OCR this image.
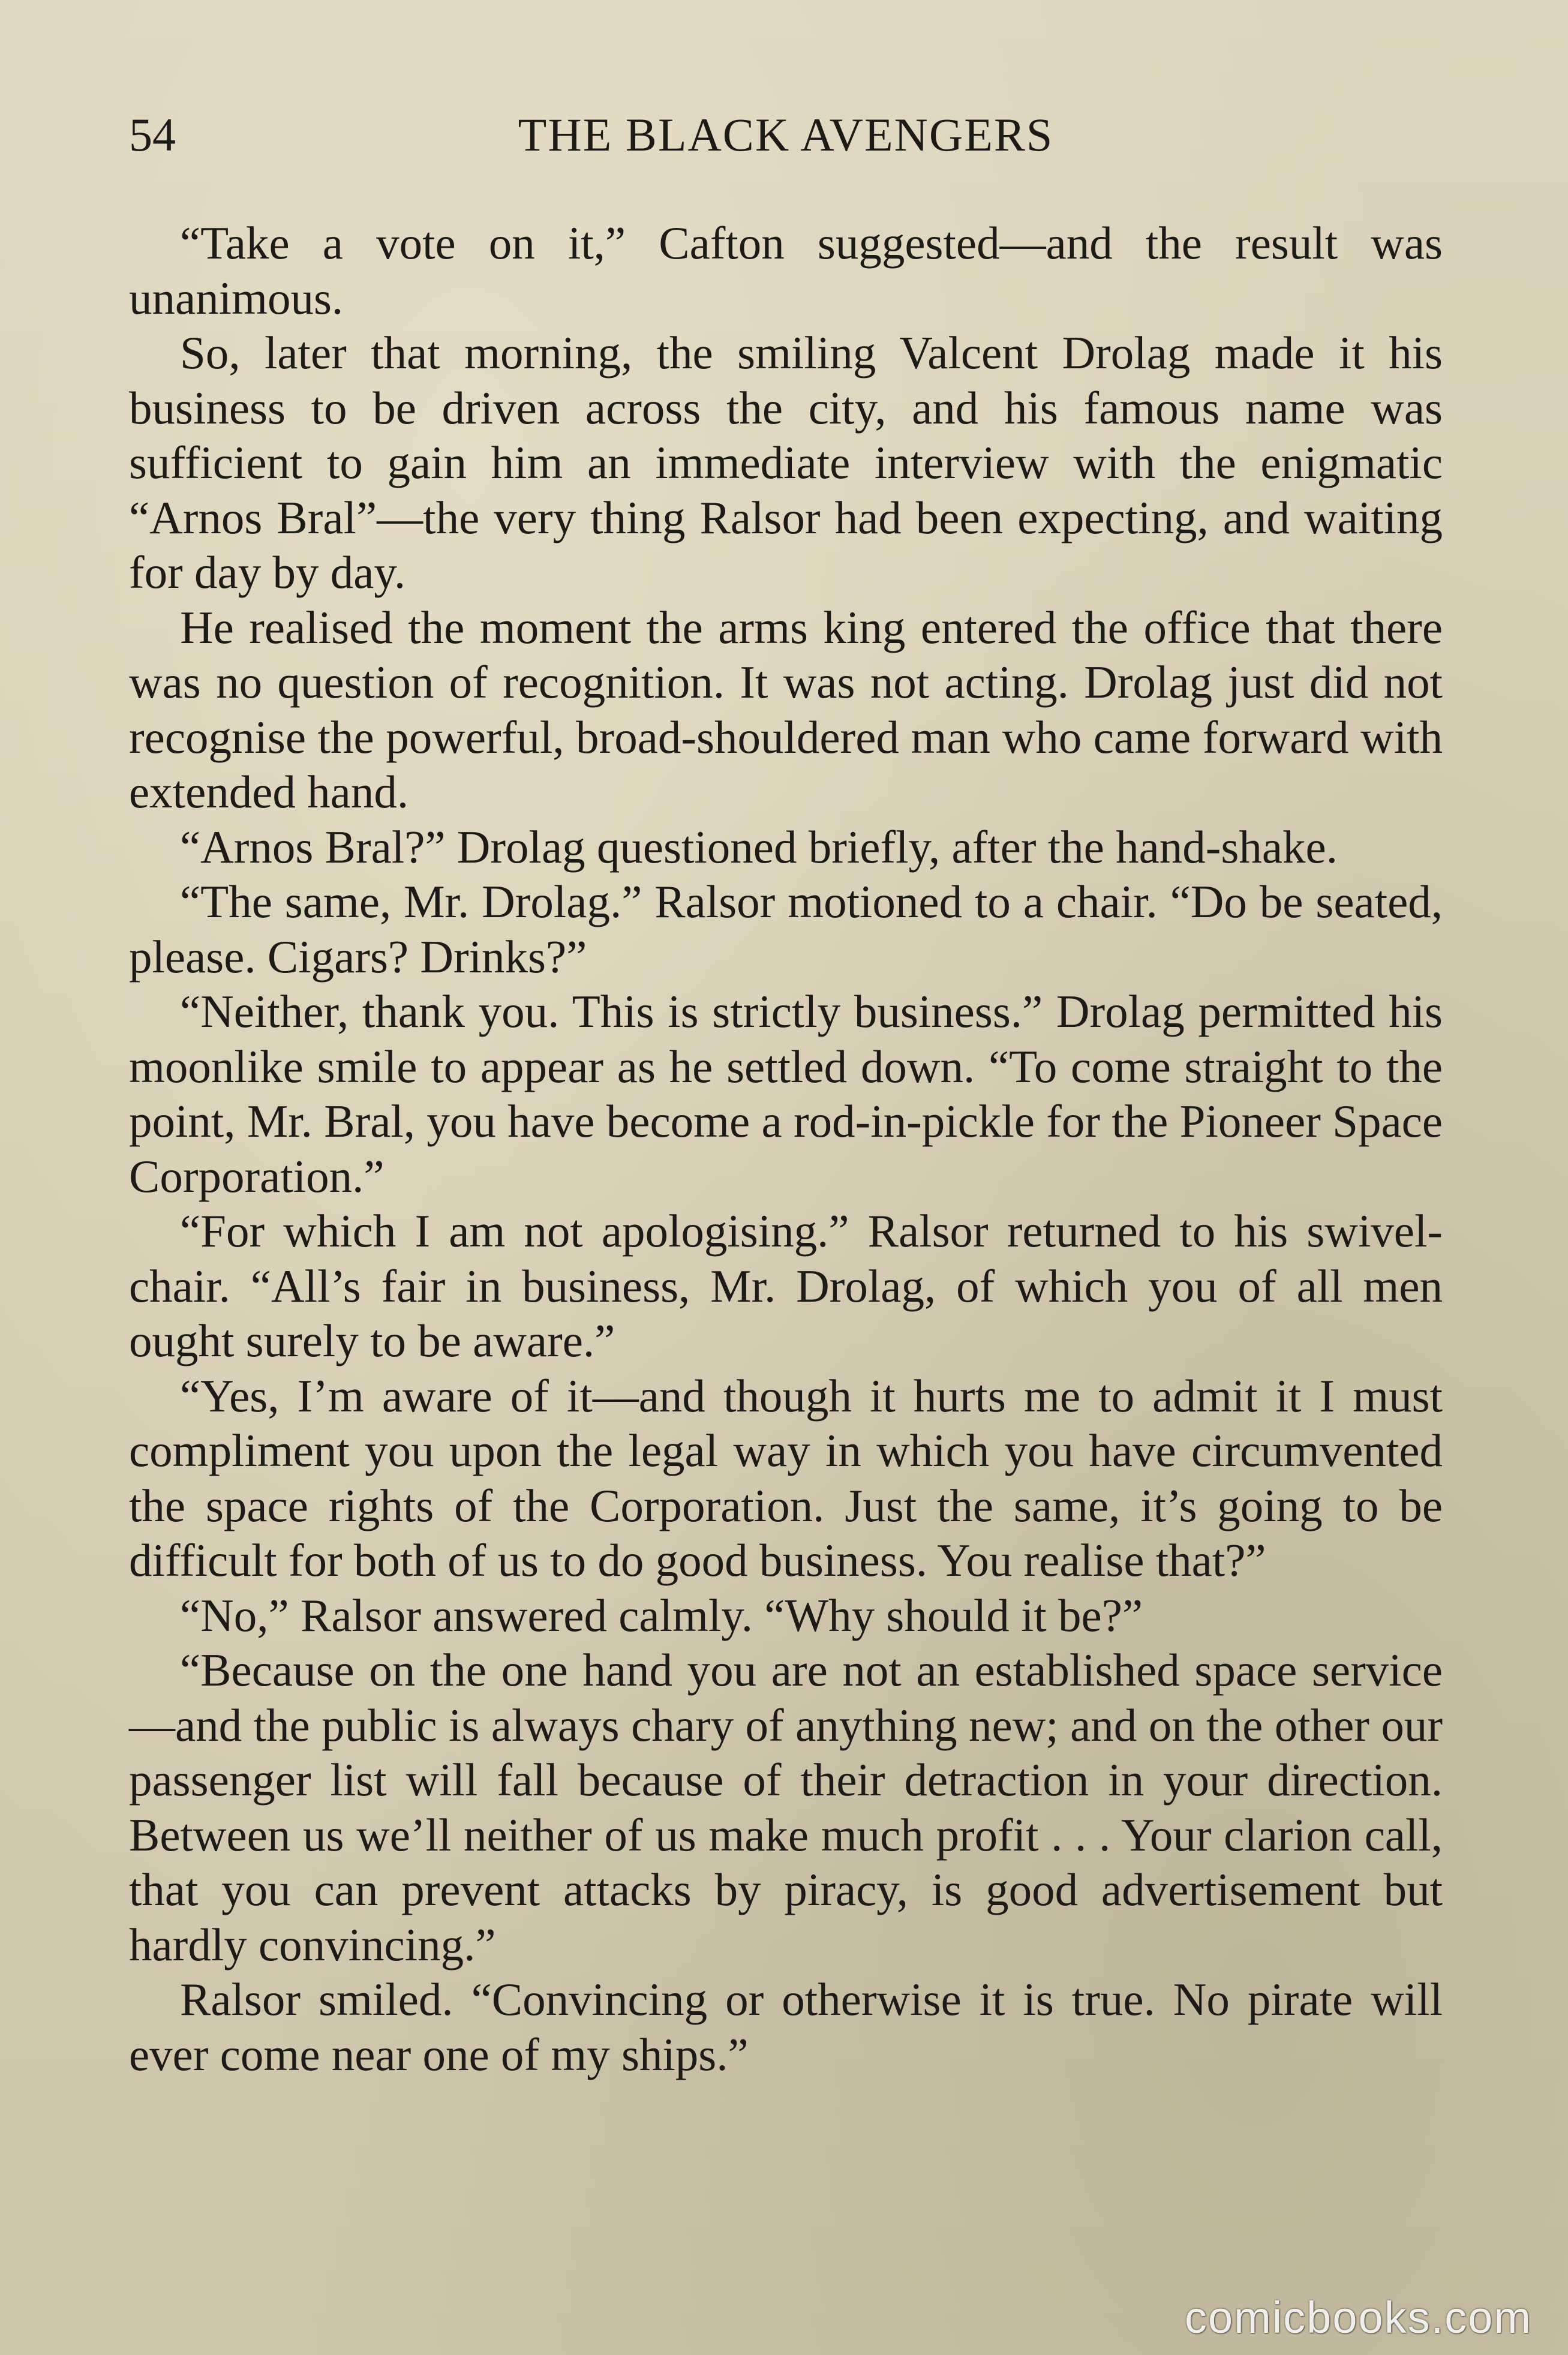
54	THE BLACK AVENGERS

“Take a vote on it,” Cafton suggested—and the result was unanimous.

So, later that morning, the smiling Valcent Drolag made it his business to be driven across the city, and his famous name was sufficient to gain him an immediate interview with the enigmatic “Arnos Bral”—the very thing Ralsor had been expecting, and waiting for day by day.

He realised the moment the arms king entered the office that there was no question of recognition. It was not acting. Drolag just did not recognise the powerful, broad-shouldered man who came forward with extended hand.

“Arnos Bral?” Drolag questioned briefly, after the hand-shake.

“The same, Mr. Drolag.” Ralsor motioned to a chair. “Do be seated, please. Cigars? Drinks?”

“Neither, thank you. This is strictly business.” Drolag permitted his moonlike smile to appear as he settled down. “To come straight to the point, Mr. Bral, you have become a rod-in-pickle for the Pioneer Space Corporation.”

“For which I am not apologising.” Ralsor returned to his swivel-chair. “All’s fair in business, Mr. Drolag, of which you of all men ought surely to be aware.”

“Yes, I’m aware of it—and though it hurts me to admit it I must compliment you upon the legal way in which you have circumvented the space rights of the Corporation. Just the same, it’s going to be difficult for both of us to do good business. You realise that?”

“No,” Ralsor answered calmly. “Why should it be?”

“Because on the one hand you are not an established space service—and the public is always chary of anything new; and on the other our passenger list will fall because of their detraction in your direction. Between us we’ll neither of us make much profit . . . Your clarion call, that you can prevent attacks by piracy, is good advertisement but hardly convincing.”

Ralsor smiled. “Convincing or otherwise it is true. No pirate will ever come near one of my ships.”

comicbooks.com
